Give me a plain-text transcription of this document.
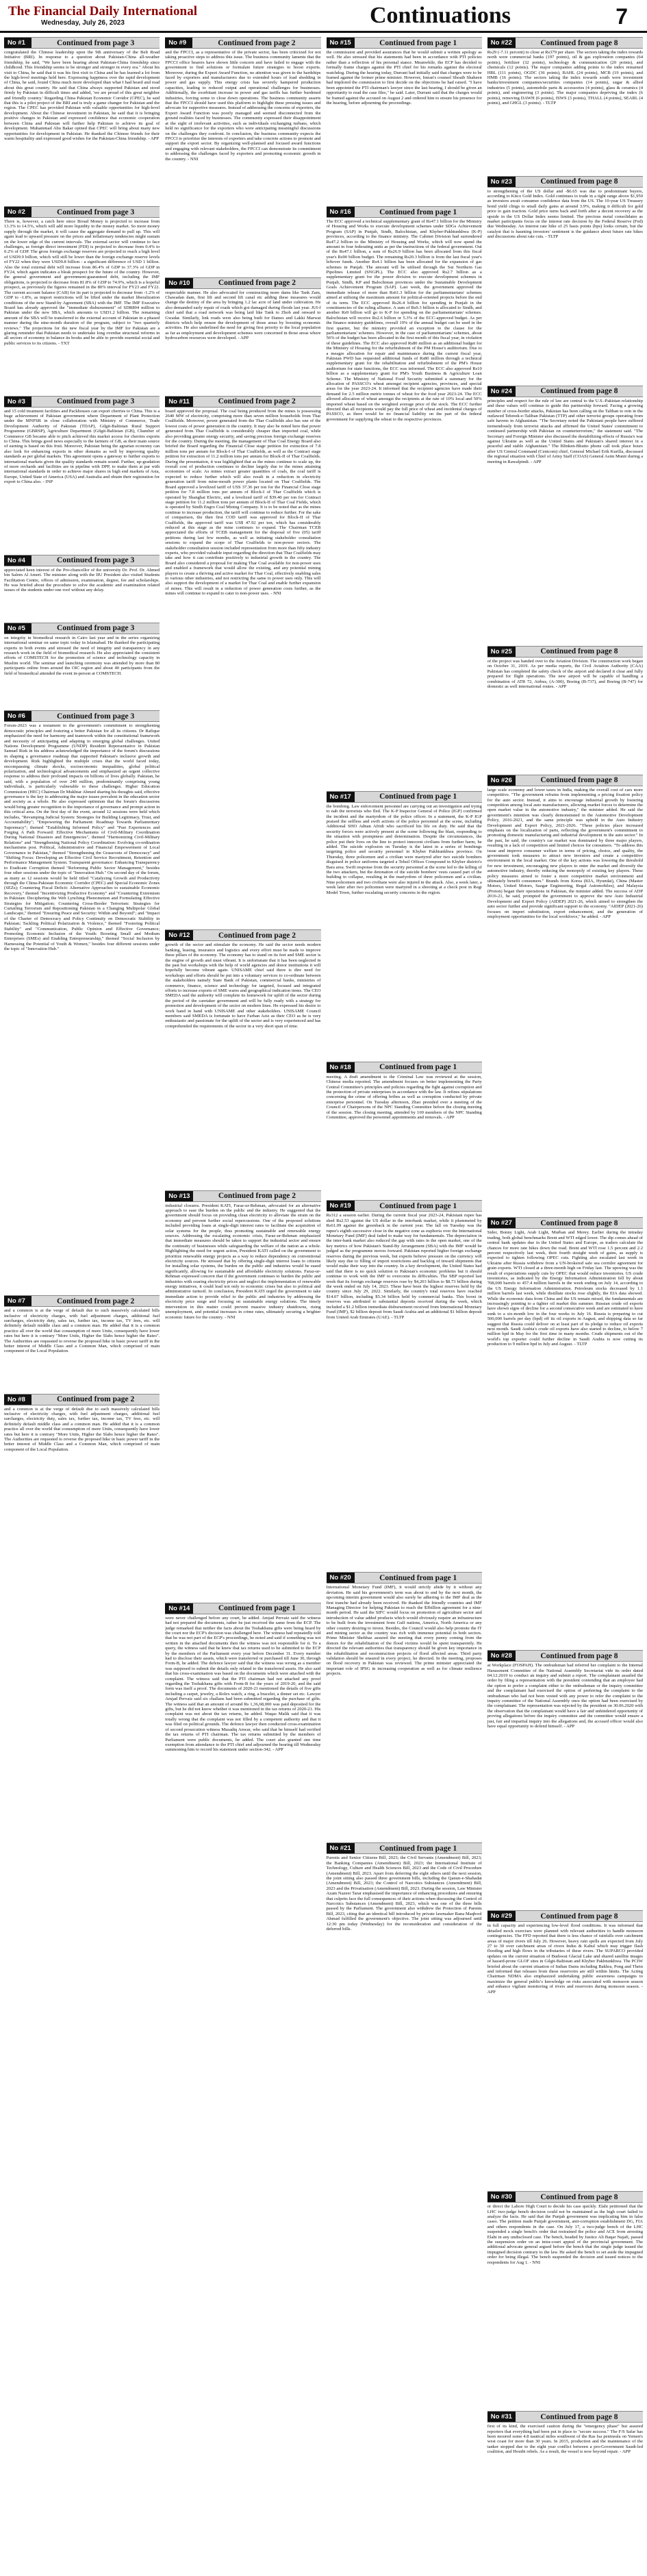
The Financial Daily International
Wednesday, July 26, 2023	Continuations	7
No #1	Continued from page 3
congratulated the Chinese leadership upon the 9th anniversary of the Belt Road Initiative (BRI). In response to a question about Pakistan-China all-weather friendship, he said, "We have been hearing about Pakistan-China friendship since childhood. This friendship seems to be stronger and stronger in every era." About his visit to China, he said that it was his first visit to China and he has learned a lot from the high-level meetings held here. Expressing happiness over the rapid development of China, he said, found China much more developed than what I had heard and read about this great country. He said that China always supported Pakistan and stood firmly by Pakistan in difficult times and added, 'we are proud of this great neighbor and friendly country.' Regarding China Pakistan Economic Corridor (CPEC), he said that this is a pilot project of the BRI and is truly a game changer for Pakistan and the region. The CPEC has provided Pakistan with valuable opportunities for high-level development. About the Chinese investment in Pakistan, he said that it is bringing positive changes in Pakistan and expressed confidence that economic cooperation between China and Pakistan will further help Pakistan to achieve its goal of development. Muhammad Abu Bakar opined that CPEC will bring about many new opportunities for development in Pakistan. He thanked the Chinese friends for their warm hospitality and expressed good wishes for the Pakistan-China friendship. - APP
No #2	Continued from page 3
There is, however, a catch here since Broad Money is projected to increase from 13.3% to 14.5%, which will add more liquidity in the money market. So more money supply through the market, it will cause the aggregate demand to pull up. This will again lead to upward pressure on the prices and inflationary tendencies might sustain on the lower edge of the current intervals. The external sector will continue to face challenges, as foreign direct investment (FDI) is projected to decrease from 0.4% to 0.2% of GDP. The gross foreign exchange reserves are projected to reach a high level of USD9.9 billion, which will still be lower than the foreign exchange reserve levels of FY22 when they were USD9.8 billion - a significant difference of USD 1 billion. Also the total external debt will increase from 86.4% of GDP to 37.3% of GDP in FY24, which again indicates a bleak prospect for the future of the country. However, the general government and government-guaranteed debt, including the IMF obligations, is projected to decrease from 81.8% of GDP to 74.9%, which is a hopeful prospect, as previously the figures remained in the 80% interval for FY23 and FY22. The current account balance (CAB) for its part is projected to decrease from -1.2% of GDP to -1.8%, as import restrictions will be lifted under the market liberalization conditions of the new Stand-by Agreement (SBA) with the IMF. The IMF Executive Board has already approved the "immediate disbursement" of SDR894 million to Pakistan under the new SBA, which amounts to USD1.2 billion. The remaining amount of the SBA will be transferred to the external account of Pakistan in a phased manner during the nine-month duration of the program, subject to "two quarterly reviews." The projections for the new fiscal year by the IMF for Pakistan are a glaring reminder that Pakistan needs to undertake long overdue structural reforms in all sectors of economy to balance its books and be able to provide essential social and public services to its citizens. - TXT
No #3	Continued from page 3
and 15 cold treatment facilities and Packhouses can export cherries to China. This is a huge achievement of Pakistan government where Department of Plant Protection under the MNFSR in close collaboration with Ministry of Commerce, Trade Development Authority of Pakistan (TDAP), Gilgit-Baltistan Rural Support Programme (GBRSP), Agriculture Department (Gilgit-Baltistan (GB), Chamber of Commerce GB became able to pitch achieved this market access for cherries exports to China. This brings good news especially to the farmers of GB, as their main source of earning is based on this fruit. Moreover, Pakistan being the agrarian economy can also look for enhancing exports in other domains as well by improving quality standards as per global markets. This agreement opens a gateway to further exports to international markets given the quality standards remain sound. Further, up-gradation of more orchards and facilities are in pipeline with DPP, to make them at par with international standards in order to achieve major shares in high end markets of Asia, Europe, United State of America (USA) and Australia and obtain their registration for export to China also. - INP
No #4	Continued from page 3
appreciated keen interest of the Pro-chancellor of the university Dr. Prof. Dr. Ahmed bin Salem Al Ameri. The minister along with the IIU President also visited Students Facilitation Centre, offices of admission, examination, degree, fee and scholarships. He was briefed about the procedure to solve the academic and examination related issues of the students under one roof without any delay.
No #5	Continued from page 3
on integrity in biomedical research in Cairo last year and in the series organizing international seminar on same topic today in Islamabad. He thanked the participating experts in both events and stressed the need of integrity and transparency in any research work in the field of biomedical research. He also appreciated the consistent efforts of COMSTECH for the promotion of science and technology capacity in Muslim world. The seminar and launching ceremony was attended by more than 80 participants online from around the OIC region and about 40 participants from the field of biomedical attended the event in-person at COMSTECH.
No #6	Continued from page 3
Forum-2023 was a testament to the government's commitment to strengthening democratic principles and fostering a better Pakistan for all its citizens. Dr Rafique emphasized the need for harmony and teamwork within the constitutional framework and necessity of anticipating and adapting to emerging global challenges. United Nations Development Programme (UNDP) Resident Representative in Pakistan Samuel Rizk in his address acknowledged the importance of the forum's discussions in shaping a governance roadmap that supported Pakistan's inclusive growth and development. Rizk highlighted the multiple crises that the world faced today, encompassing climate shocks, socioeconomic inequalities, global political polarization, and technological advancements and emphasized an urgent collective response to address their profound impacts on billions of lives globally. Pakistan, he said, with a population of over 240 million, predominantly comprising young individuals, is particularly vulnerable to these challenges. Higher Education Commission (HEC) Chairman Dr Mukhtar Ahmed sharing his thoughts said, effective governance is the key to addressing the major issues prevalent in the education sector and society as a whole. He also expressed optimism that the forum's discussions would bring greater recognition to the importance of governance and prompt action in this critical area. On the first day of the event, around 12 sessions were held which includes, "Revamping Judicial System: Strategies for Building Legitimacy, Trust, and Accountability"; "Empowering the Parliament: Roadmap Towards Parliamentary Supremacy"; themed "Establishing Informed Policy" and "Past Experiences and Forging A Path Forward: Effective Mechanisms of Civil-Military Coordination During National Disasters and Emergencies", themed "Harmonizing Civil-Military Relations" and "Strengthening National Policy Coordination: Evolving co-ordination mechanisms post. Political, Administrative and Financial Empowerment of Local Governance in Pakistan," themed "Strengthening the Grassroots of Democracy" and "Shifting Focus: Developing an Effective Civil Service Recruitment, Retention and Performance Management System. Transparent governance: Enhancing Transparency to Eradicate Corruption themed "Reforming Public Sector Management," besides four other sessions under the topic of "Innovation Hub." On second day of the forum, as many as 12 sessions would be held titled "Catalyzing Growth and Productivity through the China-Pakistan Economic Corridor (CPEC) and Special Economic Zones (SEZs); Countering Fiscal Deficit: Alternative Approaches to sustainable Economic Recovery," themed "Incentivizing Productive Economy" and "Countering Extremism in Pakistan: Deciphering the Web Lynching Phenomenon and Formulating Effective Strategies for Mitigation; Countering Cross-Border Terrorism: Strategies for Curtailing Terrorism and Repositioning Pakistan in a Changing Multipolar Global Landscape," themed "Ensuring Peace and Security: Within and Beyond"; and "Impact of the Charter of Democracy and Policy Continuity on Democratic Stability in Pakistan; Tackling Political Polarization & Violence," themed "Fostering Political Stability" and "Communication, Public Opinion and Effective Governance; Promoting Economic Inclusion of the Youth: Boosting Small and Medium Enterprises (SMEs) and Enabling Entrepreneurship," themed "Social Inclusion by Harnessing the Potential of Youth & Women," besides four different sessions under the topic of "Innovation Hub."
No #7	Continued from page 2
and a common is at the verge of default due to such massively calculated bills inclusive of electricity charges, with fuel adjustment charges, additional fuel surcharges, electricity duty, sales tax, further tax, income tax, TV fees, etc. will definitely default middle class and a common man. He added that it is a common practice all over the world that consumption of more Units, consequently have lower rates but here it is contrary "More Units, Higher the Slabs hence higher the Rates". The Authorities are requested to reverse the proposed hike in basic power tariff in the better interest of Middle Class and a Common Man, which comprised of main component of the Local Population.
No #8	Continued from page 2
and a common is at the verge of default due to such massively calculated bills inclusive of electricity charges, with fuel adjustment charges, additional fuel surcharges, electricity duty, sales tax, further tax, income tax, TV fees, etc. will definitely default middle class and a common man. He added that it is a common practice all over the world that consumption of more Units, consequently have lower rates but here it is contrary "More Units, Higher the Slabs hence higher the Rates". The Authorities are requested to reverse the proposed hike in basic power tariff in the better interest of Middle Class and a Common Man, which comprised of main component of the Local Population.
No #9	Continued from page 2
and the FPCCI, as a representative of the private sector, has been criticized for not taking proactive steps to address this issue. The business community laments that the FPCCI office bearers have shown little concern and have failed to engage with the government to find solutions or formulate future strategies to boost exports. Moreover, during the Export Award Function, no attention was given to the hardships faced by exporters and manufacturers due to extended hours of load shedding in power and gas supply. This energy crisis has severely hampered production capacities, leading to reduced output and operational challenges for businesses. Additionally, the exorbitant increase in power and gas tariffs has further burdened industries, forcing some to close down operations. The business community asserts that the FPCCI should have used this platform to highlight these pressing issues and advocate for supportive measures. Instead of addressing the concerns of exporters, the Export Award Function was poorly managed and seemed disconnected from the ground realities faced by businesses. The community expressed their disappointment at the sight of irrelevant activities, such as individuals exchanging turbans, which held no significance for the exporters who were anticipating meaningful discussions on the challenges they confront. In conclusion, the business community expects the FPCCI to prioritize the interests of exporters and take concrete actions to promote and support the export sector. By organizing well-planned and focused award functions and engaging with relevant stakeholders, the FPCCI can demonstrate its commitment to addressing the challenges faced by exporters and promoting economic growth in the country. - NNI
No #10	Continued from page 2
respectable manner. He also advocated for constructing more dams like Tank Zam, Chawadan dam, first lift and second lift canal etc adding these measures would change the destiny of the area by bringing 1.2 lac acre of land under cultivation. He also demanded early repair of roads which got damaged during floods last year. JUI-f chief said that a road network was being laid like Tank to Zhob and onward to Gwadar. Similarly, link roads were also being built for Dames and Lakki Marwat districts which help ensure the development of those areas by boosting economic activities. He also underlined the need for giving first priority to the local population as far as employment and development schemes were concerned in those areas where hydrocarbon resources were developed. - APP
No #11	Continued from page 2
board approved the proposal. The coal being produced from the mines is possessing 2640 MW of electricity, comprising more than seven million households from Thar Coalfields. Moreover, power generated from the Thar Coalfields also has one of the lowest costs of power generation in the country. It may also be noted here that power generated from Thar Coalfields is considerably cheaper than imported coal, while also providing greater energy security, and saving precious foreign exchange reserves for the country. During the meeting, the management of Thar Coal Energy Board also briefed the Board regarding the Financial Close stage petition for extraction of 7.8 million tons per annum for Block-I of Thar Coalfields, as well as the Contract stage petition for extraction of 11.2 million tons per annum for Block-II of Thar Coalfields. During the presentation, it was highlighted that as the mines continue to scale up, the overall cost of production continues to decline largely due to the mines attaining economies of scale. As mines extract greater quantities of coals, the coal tariff is expected to reduce further which will also result in a reduction in electricity generation tariff from mine-mouth power plants located on Thar Coalfields. The Board approved a levelized tariff of USS 37.36 per ton for the Financial Close stage petition for 7.8 million tons per annum of Block-I of Thar Coalfields which is operated by Shanghai Electric, and a levelized tariff of $39.40 per ton for Contract stage petition for 11.2 million tons per annum of Block-II of Thar Coal Fields, which is operated by Sindh Engro Coal Mining Company. It is to be noted that as the mines continue to increase production, the tariff will continue to reduce further. For the sake of comparison, the then first COD tariff was approved for Block-II of Thar Coalfields, the approved tariff was US$ 47.92 per ton, which has considerably reduced at this stage as the mine continues to expand. The Chairman TCEB appreciated the efforts of TCEB management for the disposal of five (05) tariff petitions during last few months, as well as initiating stakeholder consultation sessions to expand the scope of Thar Coalfields to non-power sectors. The stakeholder consultation session included representation from more than fifty industry experts, who provided valuable input regarding the direction that Thar Coalfields may take and how it can contribute positively to industrial growth in the country. The Board also considered a proposal for making Thar Coal available for non-power uses and enabled a framework that would allow the existing, and any potential mining players to create a thriving and active market for Thar Coal, effectively enabling sales to various other industries, and not restricting the same to power uses only. This will also support the development of a market for Thar Coal and enable further expansion of mines. This will result in a reduction of power generation costs further, as the mines will continue to expand to cater to non-power uses. - NNI
No #12	Continued from page 2
growth of the sector and stimulate the economy. He said the sector needs modern banking, leasing, insurance and logistics and every effort must be made to improve these pillars of the economy. The economy has to stand on its feet and SME sector is the engine of growth and must vibrant. It is unfortunate that it has been neglected in the past but workshops with the help of world agencies and donor institutions it will hopefully become vibrant again. UNISAME chief said there is dire need for workshops and efforts should be put into a voluntary services to co-ordinate between the stakeholders namely State Bank of Pakistan, commercial banks, ministries of commerce, finance, science and technology for targeted, focused and integrated efforts to increase exports of SME wares and geographical indication items. The CEO SMEDA said the authority will complete its homework for uplift of the sector during the period of the caretaker government and will be fully ready with a strategy for promotion and development of the sector on modern lines. He expressed his desire to work hand in hand with UNISAME and other stakeholders. UNISAME Council members said SMEDA is fortunate to have Farhan Aziz as their CEO as he is very enthusiastic and passionate for the uplift of the sector and is very experienced and has comprehended the requirements of the sector in a very short span of time.
No #13	Continued from page 2
industrial closures. President KATI, Faraz-ur-Rehman, advocated for an alternative approach to ease the burden on the public and the industry. He suggested that the government should focus on providing clean electricity to alleviate the strain on the economy and prevent further social repercussions. One of the proposed solutions included providing loans at single-digit interest rates to facilitate the acquisition of solar systems for the people, thus promoting sustainable and renewable energy sources. Addressing the escalating economic crisis, Faraz-ur-Rehman emphasized that immediate measures should be taken to support the industrial sector and ensure the continuity of businesses while safeguarding the welfare of the nation as a whole. Highlighting the need for urgent action, President KATI called on the government to prioritize renewable energy projects as a way to reduce dependency on conventional electricity sources. He stressed that by offering single-digit interest loans to citizens for installing solar systems, the burden on the public and industries would be eased significantly, allowing for sustainable and affordable electricity solutions. Faraz-ur-Rehman expressed concern that if the government continues to burden the public and industries with soaring electricity prices and neglect the implementation of renewable energy initiatives, it could lead not only to economic crises but also to political and administrative turmoil. In conclusion, President KATI urged the government to take immediate action to provide relief to the public and industries by addressing the electricity price surge and focusing on sustainable energy solutions. The timely intervention in this matter could prevent massive industry shutdowns, rising unemployment, and potential increases in crime rates, ultimately securing a brighter economic future for the country. - NNI
No #14	Continued from page 1
were never challenged before any court, he added. Amjad Pervaiz said the witness had not prepared the documents, rather he just received the same from the ECP. The judge remarked that neither the facts about the Toshakhana gifts were being heard by the court nor the ECP's decision was challenged here. The witness had repeatedly told that he was not part of the ECP's proceedings, he noted and said if something was not written in the attached documents then the witness was not responsible for it. To a query, the witness said that he knew that tax returns used to be submitted to the ECP by the members of the Parliament every year before December 31. Every member had to disclose their assets, which were transferred or purchased till June 30, through Form-B, he added. The defence lawyer said that the witness was wrong as a member was supposed to submit the details only related to the transferred assets. He also said that his cross-examination was based on the documents which were attached with the complaint. The witness said that the PTI chairman had not attached any proof regarding the Toshakhana gifts with Form-B for the years of 2019-20, and the said form was itself a proof. The documents of 2020-21 mentioned the details of five gifts including a carpet, jewelry, a Rolex watch, a ring, a bracelet, a dinner set etc. Lawyer Amjad Pervaiz said six challans had been submitted regarding the purchase of gifts. The witness said that an amount of around Rs 1,36,68,000 was paid deposited for the gifts, but he did not know whether it was mentioned in the tax returns of 2020-21. His complaint was not about the tax returns, he added. Waqas Malik said that it was totally wrong that the complaint was not filled by a competent authority and that it was filed on political grounds. The defence lawyer then conducted cross-examination of second prosecution witness Musadiq Anwar, who said that he himself had verified the tax returns of PTI chairman. The tax returns submitted by the members of Parliament were public documents, he added. The court also granted one time exemption from attendance to the PTI chief and adjourned the hearing till Wednesday summoning him to record his statement under section-342. - APP
No #15	Continued from page 1
the commission and provided assurances that he would submit a written apology as well. He also stressed that his statements had been in accordance with PTI policies rather than a reflection of his personal stance. Meanwhile, the ECP has decided to formally frame charges against the PTI chief for his remarks against the electoral watchdog. During the hearing today, Durrani had initially said that charges were to be framed against the former prime minister. However, Imran's counsel Shoaib Shaheen had implored the commission to first decide on the objections he had raised. "I have been appointed the PTI chairman's lawyer since the last hearing, I should be given an opportunity to read the case files," he said. Later, Durrani said that the charges would be framed against the accused on August 2 and ordered him to ensure his presence for the hearing, before adjourning the proceedings.
No #16	Continued from page 1
The ECC approved a technical supplementary grant of Rs47.1 billion for the Ministry of Housing and Works to execute development schemes under SDGs Achievement Program (SAP) in Punjab, Sindh, Balochistan, and Khyber-Pakhtunkhwa (K-P) provinces, according to the finance ministry. The Cabinet Division had surrendered Rs47.2 billion to the Ministry of Housing and Works, which will now spend the amount in four federating units as per the instructions of the federal government. Out of the Rs47.1 billion, a sum of Rs26.9 billion has been allocated from this fiscal year's Rs90 billion budget. The remaining Rs20.3 billion is from the last fiscal year's leftover funds. Another Rs4.1 billion has been allocated for the expansion of gas schemes in Punjab. The amount will be utilised through the Sui Northern Gas Pipelines Limited (SNGPL). The ECC also approved Rs2.7 billion as a supplementary grant for the power division to execute development schemes in Punjab, Sindh, KP and Balochistan provinces under the Sustainable Development Goals Achievement Program (SAP). Last week, the government approved the immediate release of more than Rs61.3 billion for the parliamentarians' schemes aimed at utilising the maximum amount for political-oriented projects before the end of its term. The ECC approved Rs26.4 billion for spending in Punjab in the constituencies of the ruling alliance. A sum of Rs9.3 billion is allocated to Sindh, and another Rs9 billion will go to K-P for spending on the parliamentarians' schemes. Balochistan will receive Rs2.6 billion or 5.3% of the ECC-approved budget. As per the finance ministry guidelines, overall 19% of the annual budget can be used in the first quarter, but the ministry provided an exception to the clause for the parliamentarians' schemes. However, in the case of parliamentarians' schemes, about 56% of the budget has been allocated in the first month of this fiscal year, in violation of these guidelines. The ECC also approved Rs80 million as an additional budget for the Ministry of Housing for the refurbishment of the PM House's auditorium. Due to a meagre allocation for repair and maintenance during the current fiscal year, Pakistan PWD has requested additional funds of Rs80 million through a technical supplementary grant for the rehabilitation and refurbishment of the PM's House auditorium for state functions, the ECC was informed. The ECC also approved Rs10 billion as a supplementary grant for PM's Youth Business & Agriculture Loan Scheme. The Ministry of National Food Security submitted a summary for the allocation of PASSCO's wheat amongst recipient agencies, provinces, and special areas for the year 2023-24. It informed that the recipient agencies have made their demand for 2.5 million metric tonnes of wheat for the food year 2023-24. The ECC allowed allocation of wheat amongst the recipients at the rate of 10% local and 50% imported wheat based on the weighted average price of the stock. The ECC further directed that all recipients would pay the full price of wheat and incidental charges of PASSCO, as there would be no financial liability on the part of the federal government for supplying the wheat to the respective provinces.
No #17	Continued from page 1
the bombing. Law enforcement personnel are carrying out an investigation and trying to nab the terrorists who fled. The K-P Inspector General of Police (IGP) confirmed the incident and the martyrdom of the police officer. In a statement, the K-P IGP praised the selfless and swift actions of the police personnel at the scene, including Additional SHO Adnan Afridi who sacrificed his life on duty. He said that the security forces were actively present at the scene following the blast, responding to the situation with promptness and determination. Despite the circumstances, the police put their lives on the line to protect innocent civilians from further harm, he added. The suicide explosion on Tuesday is the latest in a series of bombings targeting police and security personnel in Khyber Pakhtunkhwa province. On Thursday, three policemen and a civilian were martyred after two suicide bombers disguised in police uniforms targeted a Tehsil Offices Compound in Khyber district's Bara area. Swift response from the security personnel at the scene led to the killing of the two attackers, but the detonation of the suicide bombers' vests caused part of the building to collapse, resulting in the martyrdom of three policemen and a civilian. Nine policemen and two civilians were also injured in the attack. Also, a week later, a week later after two policemen were martyred in a shooting at a check post in Regi Model Town, further escalating security concerns in the region.
No #18	Continued from page 1
meeting. A draft amendment to the Criminal Law was reviewed at the session, Chinese media reported. The amendment focuses on better implementing the Party Central Committee's principles and policies regarding the fight against corruption and the protection of private enterprises in accordance with the law. It refines stipulations concerning the crime of offering bribes as well as corruption conducted by private enterprise personnel. On Tuesday afternoon, Zhao presided over a meeting of the Council of Chairpersons of the NPC Standing Committee before the closing meeting of the session. The closing meeting, attended by 169 members of the NPC Standing Committee, approved the personnel appointments and removals. - APP
No #19	Continued from page 1
Rs312 a session earlier. During the current fiscal year 2023-24, Pakistani rupee has shed Rs2.53 against the US dollar in the interbank market, while it plummeted by Rs61.09 against the greenback in the current year. The fall on Tuesday was the rupee's eighth successive close in the negative zone as euphoria over the International Monetary Fund (IMF) deal faded to make way for fundamentals. The depreciation in the inter-bank market also reduced the gap with rates in the open market, one of the key metrics of how Pakistan's Stand-By Arrangement (SBA) with the IMF would be judged as the programme moves forward. Pakistan reported higher foreign exchange reserves during the previous week, but experts believe pressure on the currency will likely stay due to filling of import restrictions and backlog of inward shipments that would make their way into the country. In a key development, the United States had said that there is no quick solution to Pakistan's economic problems but it should continue to work with the IMF to overcome its difficulties. The SBP reported last week that its foreign exchange reserves rose by $4,203 billion to $8.73 billion during the week ended on July 14, 2023. These have been the highest reserves held by the country since July 29, 2022. Similarly, the country's total reserves have reached $14.07 billion, including $5.34 billion held by commercial banks. This boost in reserves was attributed to substantial deposits received during the week, which included a $1.2 billion immediate disbursement received from International Monetary Fund (IMF), $2 billion deposit from Saudi Arabia and an additional $1 billion deposit from United Arab Emirates (UAE). - TLTP
No #20	Continued from page 1
International Monetary Fund (IMF), it would strictly abide by it without any deviation. He said his government's term was about to end by the next month, the upcoming interim government would also surely be adhering to the IMF deal as the first tranche had already been received. He thanked the friendly countries and IMF Managing Director for helping Pakistan to reach the $3billion agreement for a nine-month period. He said the SIFC would focus on promotion of agriculture sector and introduction of value added products which would obviously require an infrastructure to be built from the investment from Gulf nations, America, North America or any other country desiring to invest. Besides, the Council would also help promote the IT and mining sector as the country was rich with immense potential in both sectors. Prime Minister Shehbaz assured the meeting that every penny coming from the donors for the rehabilitation of the flood victims would be spent transparently. He directed the relevant authorities that transparency should be given key importance in the rehabilitation and reconstruction projects of flood affected areas. Third party validation should be ensured in every project, he directed. In the meeting, proposes on flood recovery in Pakistan was reviewed. The prime minister appreciated the important role of IPSG in increasing cooperation as well as for climate resilience projects.
No #21	Continued from page 1
Parents and Senior Citizens Bill, 2023; the Civil Servants (Amendment) Bill, 2023; the Banking Companies (Amendment) Bill, 2023; the International Institute of Technology, Culture and Health Sciences Bill, 2023 and the Code of Civil Procedure (Amendment) Bill, 2023. Apart from deferring the eight others until the next session, the joint sitting also passed three government bills, including the Qanun-e-Shahadat (Amendment) Bill, 2023; the Control of Narcotics Substances (Amendment) Bill, 2023 and the Privatisation (Amendment) Bill, 2023. During the session, Law Minister Azam Nazeer Tarar emphasised the importance of enhancing procedures and ensuring that culprits face the full consequences of their actions when discussing the Control of Narcotics Substances (Amendment) Bill, 2023, which was one of the three bills passed by the Parliament. The government also withdrew the Protection of Parents Bill, 2023, citing that an identical bill introduced by private lawmaker Rana Maqbool Ahmad fulfilled the government's objective. The joint sitting was adjourned until 12:30 pm today (Wednesday) for the reconsideration and consideration of the deferred bills.
No #22	Continued from page 8
Rs29 (-7.11 percent) to close at Rs379 per share. The sectors taking the index towards north were commercial banks (197 points), oil & gas exploration companies (64 points), fertilizer (32 points), technology & communication (20 points), and chemicals (12 points). The major companies adding points to the index remained HBL (111 points), OGDC (36 points), BAHL (24 points), MCB (19 points), and HMB (16 points). The sectors taking the index towards south were investment banks/investment companies/securities companies (14 points), sugar & allied industries (5 points), automobile parts & accessories (4 points), glass & ceramics (4 points), and engineering (3 points). The major companies depriving the index (6 points), removing DAWH (6 points), ISWS (3 points), THALL (4 points), SEARL (4 points), and GHGL (3 points). - TLTP
No #23	Continued from page 8
to strengthening of the US dollar and -$6.65 was due to predominant buyers, according to Kitco Gold Index. Gold continues to trade in a tight range above $1,950 as investors await consumer confidence data from the US. The 10-year US Treasury bond yield clings to small daily gains at around 3.9%, making it difficult for gold price to gain traction. Gold price turns back and forth after a decent recovery as the upside in the US Dollar Index seems limited. The precious metal consolidates as market participants focus on the interest rate decision by the Federal Reserve (Fed) due Wednesday. An interest rate hike of 25 basis points (bps) looks certain, but the catalyst that is haunting investors' sentiment is the guidance about future rate hikes and discussions about rate cuts. - TLTP
No #24	Continued from page 8
principles and respect for the rule of law are central to the U.S.-Pakistan relationship and these values will continue to guide this partnership forward. Facing a growing number of cross-border attacks, Pakistan has been calling on the Taliban to rein in the outlawed Tehreek-e-Taliban Pakistan (TTP) and other terrorist groups operating from safe havens in Afghanistan. "The Secretary noted the Pakistani people have suffered tremendously from terrorist attacks and affirmed the United States' commitment to continued partnership with Pakistan on counterterrorism," the statement said. "The Secretary and Foreign Minister also discussed the destabilizing effects of Russia's war against Ukraine as well as the United States and Pakistan's shared interest in a peaceful and stable Afghanistan." The Blinken-Bhutto phone call took place hours after US Central Command (Centcom) chief, General Michael Erik Kurilla, discussed the regional situation with Chief of Army Staff (COAS) General Asim Munir during a meeting in Rawalpindi. - APP
No #25	Continued from page 8
of the project was handed over to the Aviation Division. The construction work began on October 31, 2019. As per media reports, the Civil Aviation Authority (CAA) Pakistan has completed the safety check of the airport and declared it clear and fully prepared for flight operations. The new airport will be capable of handling a combination of ATR 72, Airbus, (A-300), Boeing (B-737), and Boeing (B-747) for domestic as well international routes. - APP
No #26	Continued from page 8
large scale economy and lower taxes in India, making the overall cost of cars more competitive. "The government refrains from implementing a pricing fixation policy for the auto sector. Instead, it aims to encourage industrial growth by fostering competition among local auto manufacturers, allowing market forces to determine the open market value in the automotive industry," the minister added. He said the government's intention was clearly demonstrated in the Automotive Development Policy, 2016-2021, and the same principle was upheld in the Auto Industry Development and Export Policy, 2021-2026. "These policies place increased emphasis on the localization of parts, reflecting the government's commitment to promoting domestic manufacturing and industrial development in the auto sector." In the past, he said, the country's car market was dominated by three major players, resulting in a lack of competition and limited choices for consumers. "To address this issue and improve consumer welfare in terms of pricing, choice, and quality, the government took measures to attract new investors and create a competitive environment in the local market. One of the key actions was lowering the threshold for new investment, encouraging new players to enter the market and diversify the automotive industry, thereby reducing the monopoly of existing key players. These policy measures aimed to foster a more competitive market environment and ultimately benefit consumers." Brands from Korea (KIA, Hyundai), China (Master Motors, United Motors, Sazgar Engineering, Regal Automobiles), and Malaysia (Proton) began their operations in Pakistan, the minister added. The success of ADP 2016-21, he said, prompted the government to approve the new Auto Industrial Development and Export Policy (AIDEP) 2021-26, which aimed to strengthen the auto sector further and provide significant support to the economy. "AIDEP (2021-26) focuses on import substitution, export enhancement, and the generation of employment opportunities for the local workforce," he added. - APP
No #27	Continued from page 8
Sider, Bonny Light, Arab Light, Murban and Merey. Earlier during the intraday trading, both global benchmarks Brent and WTI edged lower. The dip comes ahead of central bank updates due in the United States and Europe, as traders calculate the chances for more rate hikes down the road. Brent and WTI rose 1.5 percent and 2.2 percent respectively last week, their fourth straight week of gains, as supply is expected to tighten following OPEC cuts. Fighting also escalated last week in Ukraine after Russia withdrew from a UN-brokered safe sea corridor agreement for grain exports. WTI closed at a three-month high on Friday last. The upswing was the result of expectations supply cuts by OPEC that would reduce inventories. US crude inventories, as indicated by the Energy Information Administration fell by about 708,000 barrels to 457.4 million barrels in the week ending on July 14, according to the US Energy Information Administration. Petroleum stocks decreased by 1.1 million barrels last week, while distillate stocks rose slightly, the EIA data showed. While the economic data from China and the US remain mixed, the fundamentals are increasingly pointing to a tighter oil market this summer. Russian crude oil exports have shown signs of decline for a second consecutive week and are estimated to have sunk to a six-month low in the four weeks to July 16. Russia is preparing to cut 500,000 barrels per day (bpd) off its oil exports in August, and shipping data so far suggest that Russia could deliver on at least part of its pledge to reduce oil exports next month. Saudi Arabia's crude oil exports have also started to decline, to below 7 million bpd in May for the first time in many months. Crude shipments out of the world's top exporter could further decline in Saudi Arabia is now cutting its production to 9 million bpd in July and August. - TLTP
No #28	Continued from page 8
at Workplace (FOSPAH). The ombudsman had referred her complaint to the Internal Harassment Committee of the National Assembly Secretariat vide its order dated 04.12.2019 to conduct an inquiry and submit a report. The complainant assailed the order by filing a representation with the president contending that an employee had the option to prefer a complaint either to the ombudsman or the inquiry committee and the complainant had exercised the option of preferring the complaint to the ombudsman who had not been vested with any power to refer the complaint to the inquiry committee of the National Assembly once the option had been exercised by the complainant. The representation was rejected by the president on 30.06.2020 with the observation that the complainant would have a fair and unhindered opportunity of proving allegations before the inquiry committee and the committee would ensure a just, fair and impartial inquiry into the allegations and, the accused officer would also have equal opportunity to defend himself. - APP
No #29	Continued from page 8
in full capacity and experiencing low-level flood conditions. It was informed that detailed mock exercises were planned with relevant authorities to handle monsoon contingencies. The FFD reported that there is less chance of rainfalls over catchment areas of major rivers till July 26. However, heavy rain spells are expected from July 27 to 30 over catchment areas of rivers Indus & Kabul which may trigger flash flooding and high flows in the tributaries of these rivers. The SUPARCO provided updates on the current situation of Budswat Glacial Lake and shared satellite images of hazard-prone GLOF sites in Gilgit-Baltistan and Khyber Pakhtunkhwa. The PCIW briefed about the current situation of Indian Dams including Bakhra, Pong and Thein and informed that releases from these reservoirs are still within limits. The Acting Chairman NDMA also emphasized undertaking public awareness campaigns to maximize the general public's knowledge on risks associated with monsoon season and enhance vigilant monitoring of rivers and reservoirs during monsoon season. - APP
No #30	Continued from page 8
or direct the Lahore High Court to decide his case quickly. Elahi petitioned that the LHC two-judge bench decision could not be maintained as the high court failed to analyze the facts. He said that the Punjab government was implicating him in false cases. The petition made Punjab government, anti-corruption establishment DG, FIA and others respondents in the case. On July 17, a two-judge bench of the LHC suspended a single bench's order that restrained the police and ACE from arresting Elahi in any undisclosed case. The bench, headed by Justice Ali Baqar Najafi, passed the suspension order on an intra-court appeal of the provincial government. The additional advocate general argued before the bench that the single judge issued the impugned decision contrary to the law. He asked the bench to set aside the impugned order for being illegal. The bench suspended the decision and issued notices to the respondents for Aug 1. - NNI
No #31	Continued from page 8
first of its kind, the exercised caution during the "emergency phase" but assured reporters that everything had been put in place to "secure success." The F/S Safar has been moored some 4.8 nautical miles southwest of the Ras Isa peninsula on Yemen's west coast for more than 30 years. In 2015, production and the maintenance of the tanker stopped due to the eight year conflict between a pro-Government Saudi-led coalition, and Houthi rebels. As a result, the vessel is now beyond repair. - APP
